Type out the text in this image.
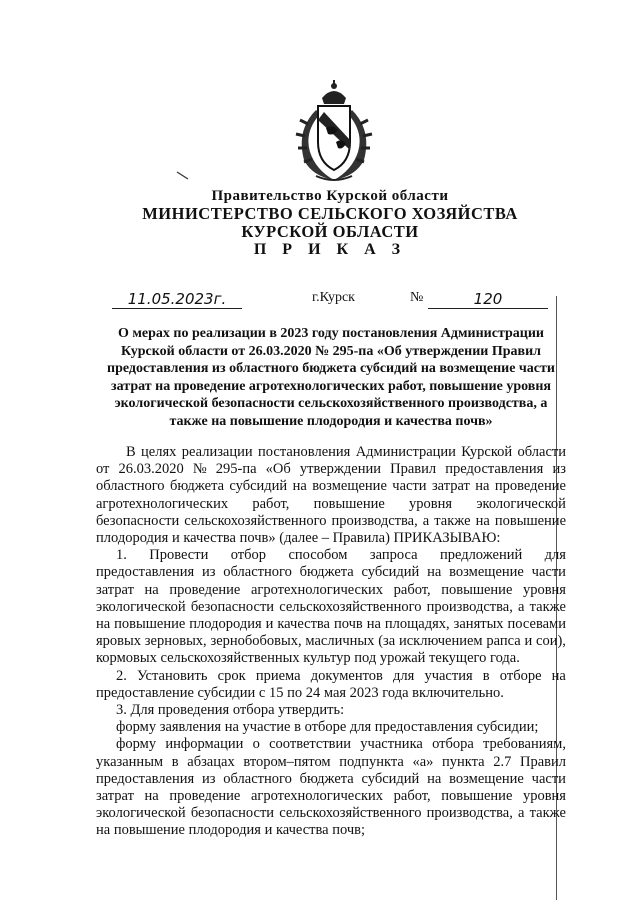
Правительство Курской области
МИНИСТЕРСТВО СЕЛЬСКОГО ХОЗЯЙСТВА
КУРСКОЙ ОБЛАСТИ
П Р И К А З
11.05.2023г.	г.Курск	№	120
О мерах по реализации в 2023 году постановления Администрации
Курской области от 26.03.2020 № 295-па «Об утверждении Правил
предоставления из областного бюджета субсидий на возмещение части
затрат на проведение агротехнологических работ, повышение уровня
экологической безопасности сельскохозяйственного производства, а
также на повышение плодородия и качества почв»
В целях реализации постановления Администрации Курской области
от 26.03.2020 № 295-па «Об утверждении Правил предоставления из
областного бюджета субсидий на возмещение части затрат на проведение
агротехнологических работ, повышение уровня экологической
безопасности сельскохозяйственного производства, а также на повышение
плодородия и качества почв» (далее – Правила) ПРИКАЗЫВАЮ:
1. Провести отбор способом запроса предложений для
предоставления из областного бюджета субсидий на возмещение части
затрат на проведение агротехнологических работ, повышение уровня
экологической безопасности сельскохозяйственного производства, а также
на повышение плодородия и качества почв на площадях, занятых посевами
яровых зерновых, зернобобовых, масличных (за исключением рапса и сои),
кормовых сельскохозяйственных культур под урожай текущего года.
2. Установить срок приема документов для участия в отборе на
предоставление субсидии с 15 по 24 мая 2023 года включительно.
3. Для проведения отбора утвердить:
форму заявления на участие в отборе для предоставления субсидии;
форму информации о соответствии участника отбора требованиям,
указанным в абзацах втором–пятом подпункта «а» пункта 2.7 Правил
предоставления из областного бюджета субсидий на возмещение части
затрат на проведение агротехнологических работ, повышение уровня
экологической безопасности сельскохозяйственного производства, а также
на повышение плодородия и качества почв;
